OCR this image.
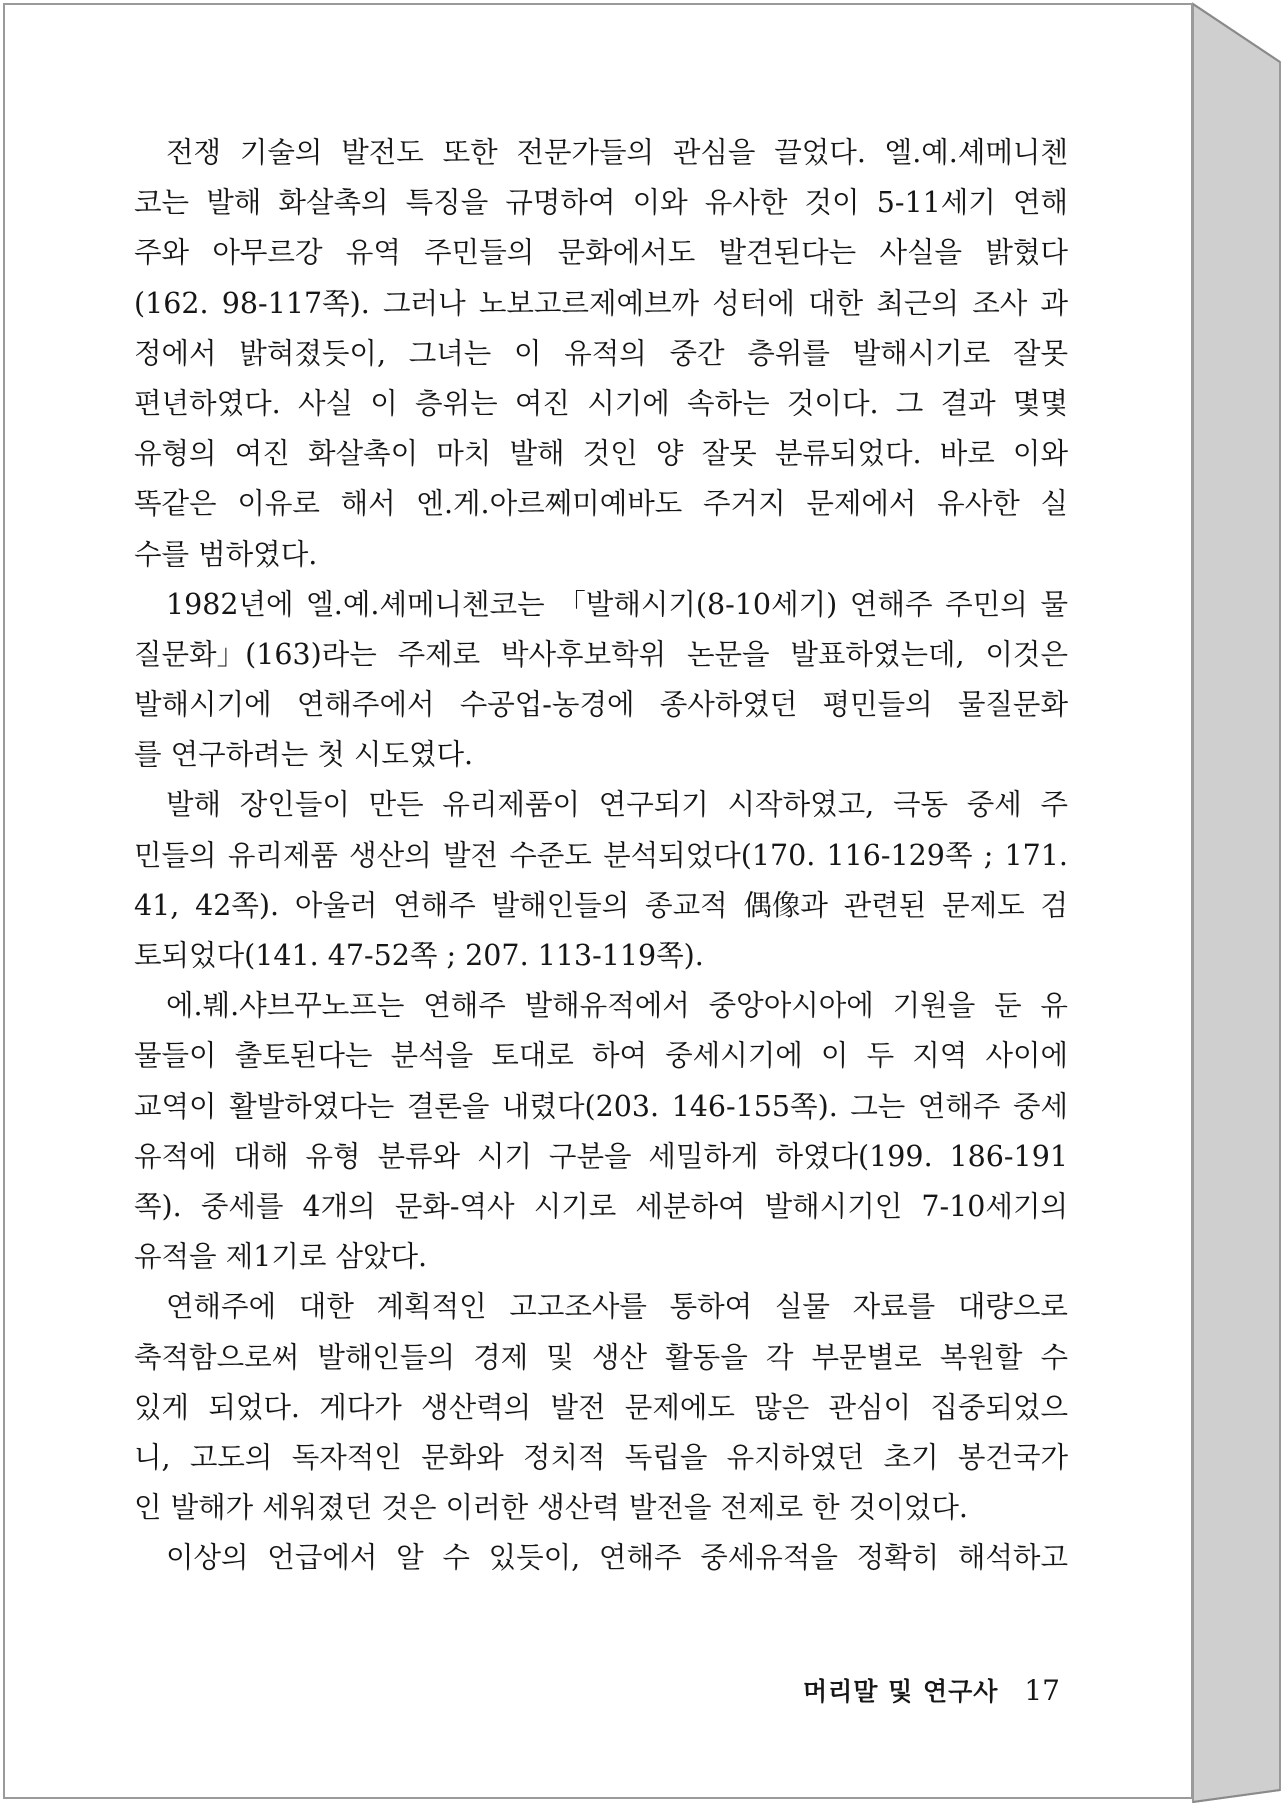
전쟁 기술의 발전도 또한 전문가들의 관심을 끌었다. 엘.예.셰메니첸
코는 발해 화살촉의 특징을 규명하여 이와 유사한 것이 5-11세기 연해
주와 아무르강 유역 주민들의 문화에서도 발견된다는 사실을 밝혔다
(162. 98-117쪽). 그러나 노보고르제예브까 성터에 대한 최근의 조사 과
정에서 밝혀졌듯이, 그녀는 이 유적의 중간 층위를 발해시기로 잘못
편년하였다. 사실 이 층위는 여진 시기에 속하는 것이다. 그 결과 몇몇
유형의 여진 화살촉이 마치 발해 것인 양 잘못 분류되었다. 바로 이와
똑같은 이유로 해서 엔.게.아르쩨미예바도 주거지 문제에서 유사한 실
수를 범하였다.
1982년에 엘.예.셰메니첸코는 「발해시기(8-10세기) 연해주 주민의 물
질문화」(163)라는 주제로 박사후보학위 논문을 발표하였는데, 이것은
발해시기에 연해주에서 수공업-농경에 종사하였던 평민들의 물질문화
를 연구하려는 첫 시도였다.
발해 장인들이 만든 유리제품이 연구되기 시작하였고, 극동 중세 주
민들의 유리제품 생산의 발전 수준도 분석되었다(170. 116-129쪽 ; 171.
41, 42쪽). 아울러 연해주 발해인들의 종교적 偶像과 관련된 문제도 검
토되었다(141. 47-52쪽 ; 207. 113-119쪽).
에.붸.샤브꾸노프는 연해주 발해유적에서 중앙아시아에 기원을 둔 유
물들이 출토된다는 분석을 토대로 하여 중세시기에 이 두 지역 사이에
교역이 활발하였다는 결론을 내렸다(203. 146-155쪽). 그는 연해주 중세
유적에 대해 유형 분류와 시기 구분을 세밀하게 하였다(199. 186-191
쪽). 중세를 4개의 문화-역사 시기로 세분하여 발해시기인 7-10세기의
유적을 제1기로 삼았다.
연해주에 대한 계획적인 고고조사를 통하여 실물 자료를 대량으로
축적함으로써 발해인들의 경제 및 생산 활동을 각 부문별로 복원할 수
있게 되었다. 게다가 생산력의 발전 문제에도 많은 관심이 집중되었으
니, 고도의 독자적인 문화와 정치적 독립을 유지하였던 초기 봉건국가
인 발해가 세워졌던 것은 이러한 생산력 발전을 전제로 한 것이었다.
이상의 언급에서 알 수 있듯이, 연해주 중세유적을 정확히 해석하고
머리말 및 연구사 17
